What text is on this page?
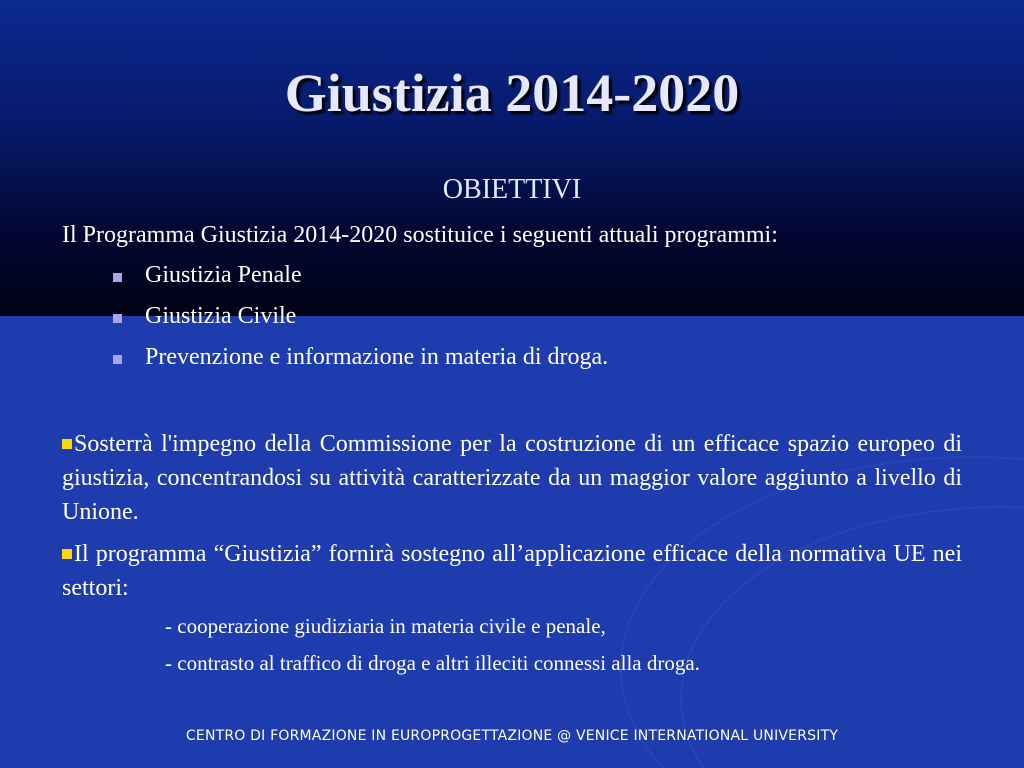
Giustizia 2014-2020
OBIETTIVI
Il Programma Giustizia 2014-2020 sostituice i seguenti attuali programmi:
Giustizia Penale
Giustizia Civile
Prevenzione e informazione in materia di droga.
Sosterrà l'impegno della Commissione per la costruzione di un efficace spazio europeo di giustizia, concentrandosi su attività caratterizzate da un maggior valore aggiunto a livello di Unione.
Il programma “Giustizia” fornirà sostegno all’applicazione efficace della normativa UE nei settori:
- cooperazione giudiziaria in materia civile e penale,
- contrasto al traffico di droga e altri illeciti connessi alla droga.
CENTRO DI FORMAZIONE IN EUROPROGETTAZIONE @ VENICE INTERNATIONAL UNIVERSITY
